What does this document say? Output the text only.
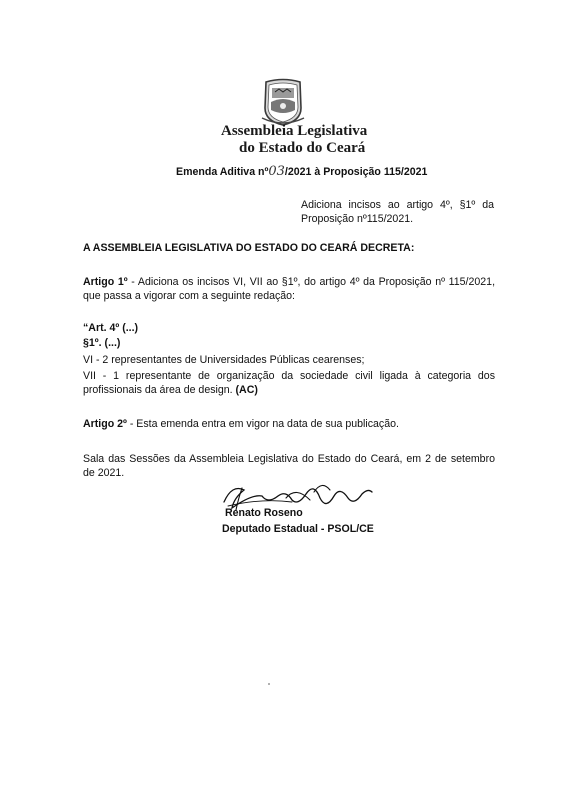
Assembleia Legislativa
do Estado do Ceará
Emenda Aditiva nº03/2021 à Proposição 115/2021
Adiciona incisos ao artigo 4º, §1º da Proposição nº115/2021.
A ASSEMBLEIA LEGISLATIVA DO ESTADO DO CEARÁ DECRETA:
Artigo 1º - Adiciona os incisos VI, VII ao §1º, do artigo 4º da Proposição nº 115/2021, que passa a vigorar com a seguinte redação:
“Art. 4º (...)
§1º. (...)
VI - 2 representantes de Universidades Públicas cearenses;
VII - 1 representante de organização da sociedade civil ligada à categoria dos profissionais da área de design. (AC)
Artigo 2º - Esta emenda entra em vigor na data de sua publicação.
Sala das Sessões da Assembleia Legislativa do Estado do Ceará, em 2 de setembro de 2021.
Renato Roseno
Deputado Estadual - PSOL/CE
